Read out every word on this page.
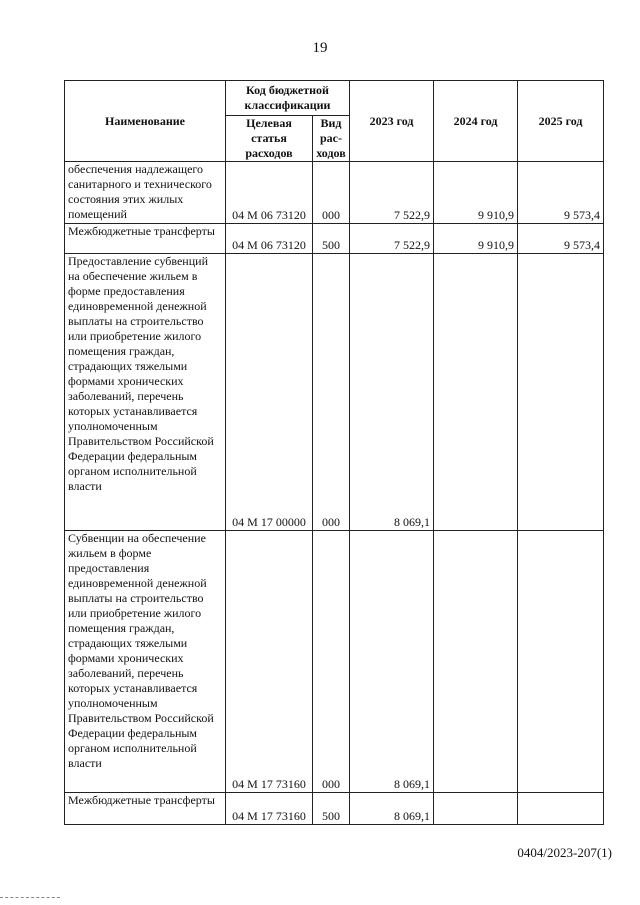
19
Наименование	Код бюджетной классификации		2023 год	2024 год	2025 год
	Целевая статья расходов	Вид рас-ходов			
обеспечения надлежащего санитарного и технического состояния этих жилых помещений	04 М 06 73120	000	7 522,9	9 910,9	9 573,4
Межбюджетные трансферты	04 М 06 73120	500	7 522,9	9 910,9	9 573,4
Предоставление субвенций на обеспечение жильем в форме предоставления единовременной денежной выплаты на строительство или приобретение жилого помещения граждан, страдающих тяжелыми формами хронических заболеваний, перечень которых устанавливается уполномоченным Правительством Российской Федерации федеральным органом исполнительной власти	04 М 17 00000	000	8 069,1		
Субвенции на обеспечение жильем в форме предоставления единовременной денежной выплаты на строительство или приобретение жилого помещения граждан, страдающих тяжелыми формами хронических заболеваний, перечень которых устанавливается уполномоченным Правительством Российской Федерации федеральным органом исполнительной власти	04 М 17 73160	000	8 069,1		
Межбюджетные трансферты	04 М 17 73160	500	8 069,1		
0404/2023-207(1)
